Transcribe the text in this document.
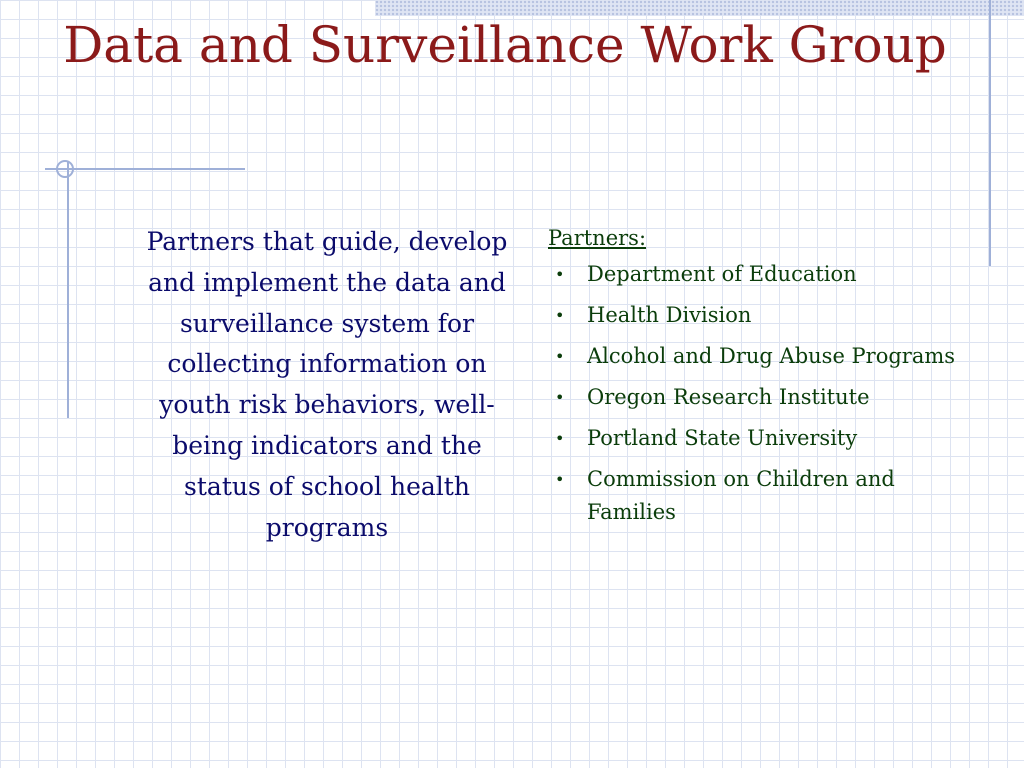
Data and Surveillance Work Group

Partners that guide, develop and implement the data and surveillance system for collecting information on youth risk behaviors, well-being indicators and the status of school health programs

Partners:
• Department of Education
• Health Division
• Alcohol and Drug Abuse Programs
• Oregon Research Institute
• Portland State University
• Commission on Children and Families
